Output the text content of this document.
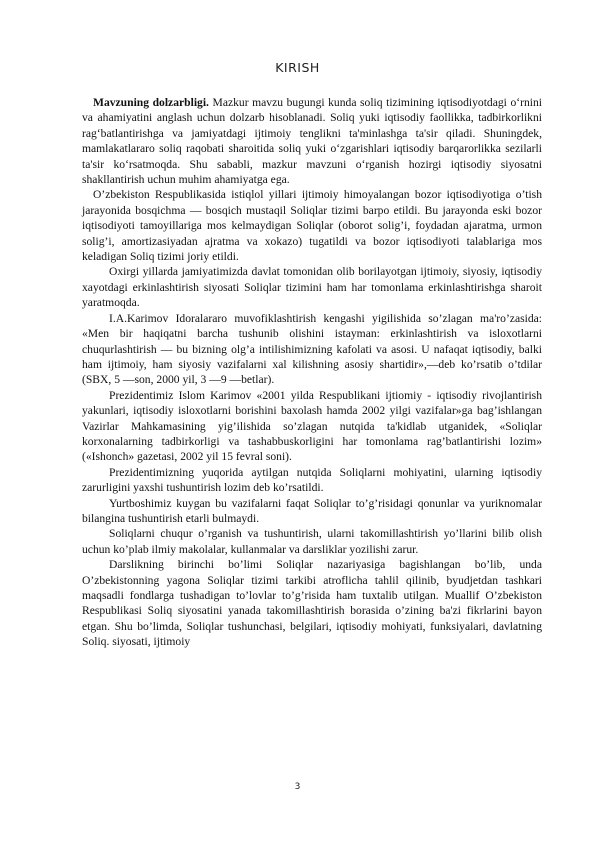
KIRISH

Mavzuning dolzarbligi. Mazkur mavzu bugungi kunda soliq tizimining iqtisodiyotdagi o‘rnini va ahamiyatini anglash uchun dolzarb hisoblanadi. Soliq yuki iqtisodiy faollikka, tadbirkorlikni rag‘batlantirishga va jamiyatdagi ijtimoiy tenglikni ta'minlashga ta'sir qiladi. Shuningdek, mamlakatlararo soliq raqobati sharoitida soliq yuki o‘zgarishlari iqtisodiy barqarorlikka sezilarli ta'sir ko‘rsatmoqda. Shu sababli, mazkur mavzuni o‘rganish hozirgi iqtisodiy siyosatni shakllantirish uchun muhim ahamiyatga ega.

O’zbekiston Respublikasida istiqlol yillari ijtimoiy himoyalangan bozor iqtisodiyotiga o’tish jarayonida bosqichma — bosqich mustaqil Soliqlar tizimi barpo etildi. Bu jarayonda eski bozor iqtisodiyoti tamoyillariga mos kelmaydigan Soliqlar (oborot solig’i, foydadan ajaratma, urmon solig’i, amortizasiyadan ajratma va xokazo) tugatildi va bozor iqtisodiyoti talablariga mos keladigan Soliq tizimi joriy etildi.

Oxirgi yillarda jamiyatimizda davlat tomonidan olib borilayotgan ijtimoiy, siyosiy, iqtisodiy xayotdagi erkinlashtirish siyosati Soliqlar tizimini ham har tomonlama erkinlashtirishga sharoit yaratmoqda.

I.A.Karimov Idoralararo muvofiklashtirish kengashi yigilishida so’zlagan ma'ro’zasida: «Men bir haqiqatni barcha tushunib olishini istayman: erkinlashtirish va isloxotlarni chuqurlashtirish — bu bizning olg’a intilishimizning kafolati va asosi. U nafaqat iqtisodiy, balki ham ijtimoiy, ham siyosiy vazifalarni xal kilishning asosiy shartidir»,—deb ko’rsatib o’tdilar (SBX, 5 —son, 2000 yil, 3 —9 —betlar).

Prezidentimiz Islom Karimov «2001 yilda Respublikani ijtiomiy - iqtisodiy rivojlantirish yakunlari, iqtisodiy isloxotlarni borishini baxolash hamda 2002 yilgi vazifalar»ga bag’ishlangan Vazirlar Mahkamasining yig’ilishida so’zlagan nutqida ta'kidlab utganidek, «Soliqlar korxonalarning tadbirkorligi va tashabbuskorligini har tomonlama rag’batlantirishi lozim» («Ishonch» gazetasi, 2002 yil 15 fevral soni).

Prezidentimizning yuqorida aytilgan nutqida Soliqlarni mohiyatini, ularning iqtisodiy zarurligini yaxshi tushuntirish lozim deb ko’rsatildi.

Yurtboshimiz kuygan bu vazifalarni faqat Soliqlar to’g’risidagi qonunlar va yuriknomalar bilangina tushuntirish etarli bulmaydi.

Soliqlarni chuqur o’rganish va tushuntirish, ularni takomillashtirish yo’llarini bilib olish uchun ko’plab ilmiy makolalar, kullanmalar va darsliklar yozilishi zarur.

Darslikning birinchi bo’limi Soliqlar nazariyasiga bagishlangan bo’lib, unda O’zbekistonning yagona Soliqlar tizimi tarkibi atroflicha tahlil qilinib, byudjetdan tashkari maqsadli fondlarga tushadigan to’lovlar to’g’risida ham tuxtalib utilgan. Muallif O’zbekiston Respublikasi Soliq siyosatini yanada takomillashtirish borasida o’zining ba'zi fikrlarini bayon etgan. Shu bo’limda, Soliqlar tushunchasi, belgilari, iqtisodiy mohiyati, funksiyalari, davlatning Soliq. siyosati, ijtimoiy

3
